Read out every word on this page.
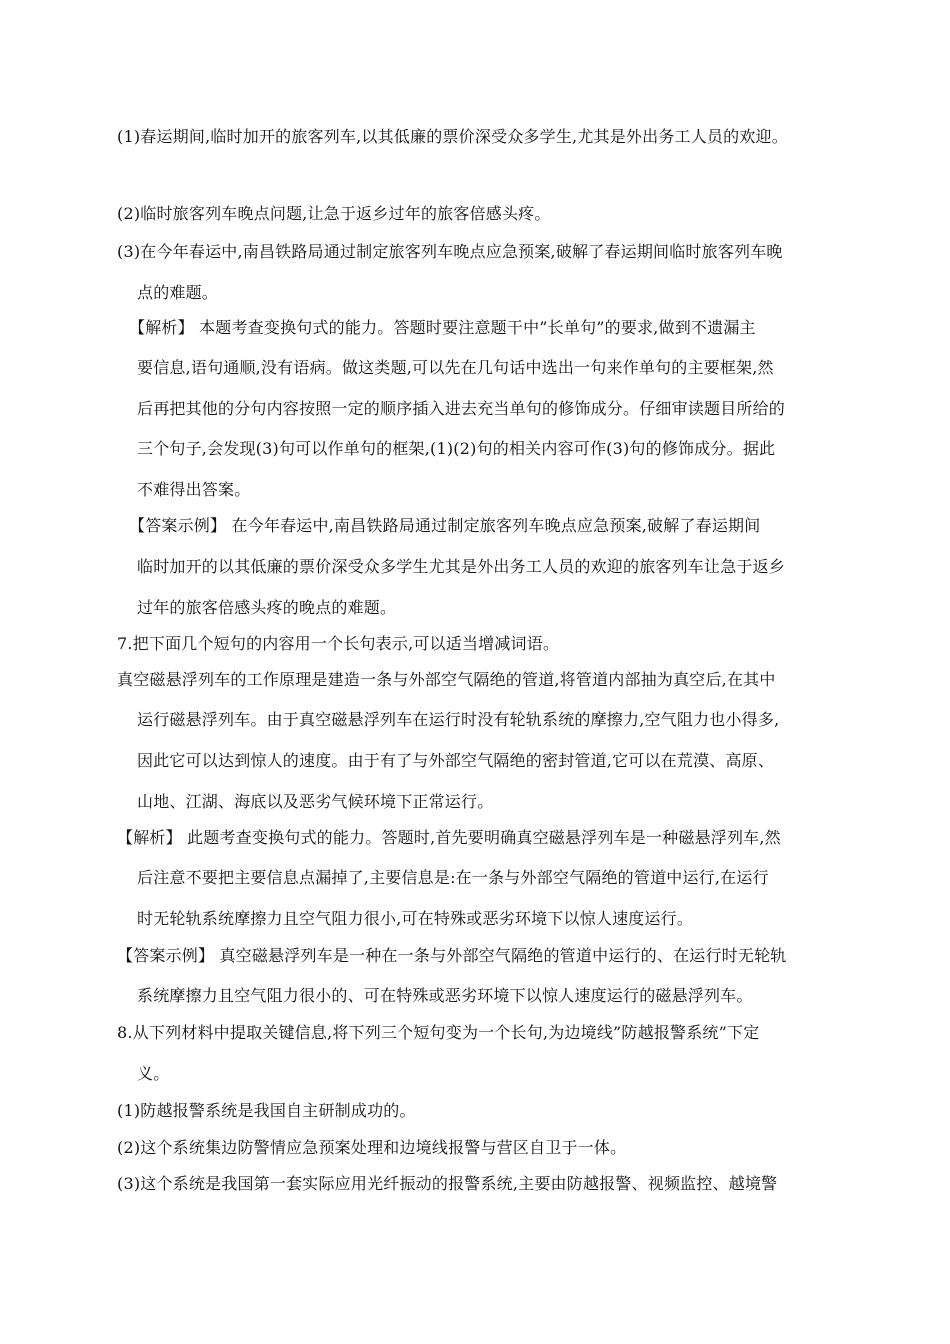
(1)春运期间,临时加开的旅客列车,以其低廉的票价深受众多学生,尤其是外出务工人员的欢迎。
(2)临时旅客列车晚点问题,让急于返乡过年的旅客倍感头疼。
(3)在今年春运中,南昌铁路局通过制定旅客列车晚点应急预案,破解了春运期间临时旅客列车晚
点的难题。
【解析】 本题考查变换句式的能力。答题时要注意题干中”长单句”的要求,做到不遗漏主
要信息,语句通顺,没有语病。做这类题,可以先在几句话中选出一句来作单句的主要框架,然
后再把其他的分句内容按照一定的顺序插入进去充当单句的修饰成分。仔细审读题目所给的
三个句子,会发现(3)句可以作单句的框架,(1)(2)句的相关内容可作(3)句的修饰成分。据此
不难得出答案。
【答案示例】 在今年春运中,南昌铁路局通过制定旅客列车晚点应急预案,破解了春运期间
临时加开的以其低廉的票价深受众多学生尤其是外出务工人员的欢迎的旅客列车让急于返乡
过年的旅客倍感头疼的晚点的难题。
7.把下面几个短句的内容用一个长句表示,可以适当增减词语。
真空磁悬浮列车的工作原理是建造一条与外部空气隔绝的管道,将管道内部抽为真空后,在其中
运行磁悬浮列车。由于真空磁悬浮列车在运行时没有轮轨系统的摩擦力,空气阻力也小得多,
因此它可以达到惊人的速度。由于有了与外部空气隔绝的密封管道,它可以在荒漠、高原、
山地、江湖、海底以及恶劣气候环境下正常运行。
【解析】 此题考查变换句式的能力。答题时,首先要明确真空磁悬浮列车是一种磁悬浮列车,然
后注意不要把主要信息点漏掉了,主要信息是:在一条与外部空气隔绝的管道中运行,在运行
时无轮轨系统摩擦力且空气阻力很小,可在特殊或恶劣环境下以惊人速度运行。
【答案示例】 真空磁悬浮列车是一种在一条与外部空气隔绝的管道中运行的、在运行时无轮轨
系统摩擦力且空气阻力很小的、可在特殊或恶劣环境下以惊人速度运行的磁悬浮列车。
8.从下列材料中提取关键信息,将下列三个短句变为一个长句,为边境线”防越报警系统”下定
义。
(1)防越报警系统是我国自主研制成功的。
(2)这个系统集边防警情应急预案处理和边境线报警与营区自卫于一体。
(3)这个系统是我国第一套实际应用光纤振动的报警系统,主要由防越报警、视频监控、越境警
